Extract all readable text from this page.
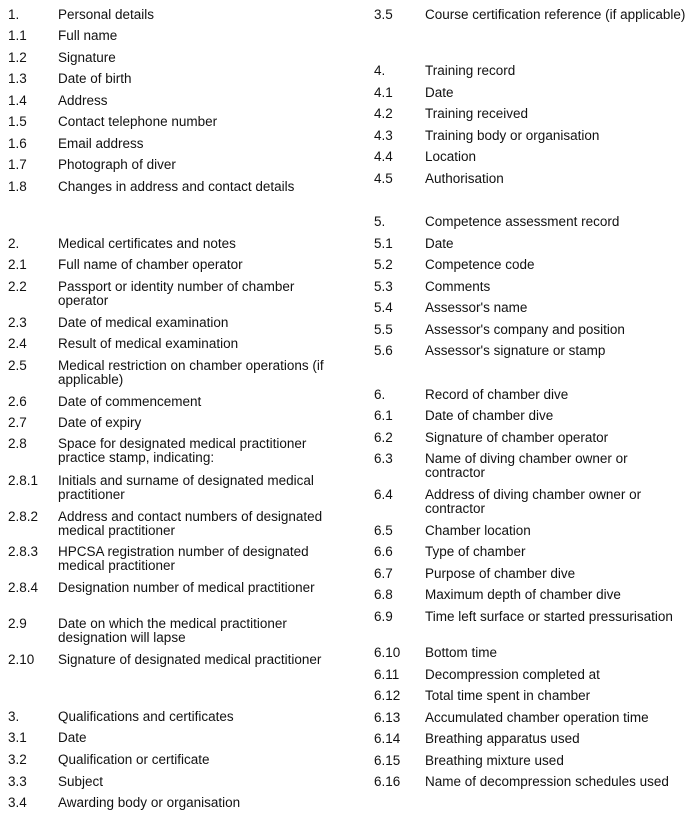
1.	Personal details
1.1 Full name
1.2 Signature
1.3 Date of birth
1.4 Address
1.5 Contact telephone number
1.6 Email address
1.7 Photograph of diver
1.8 Changes in address and contact details
2.	Medical certificates and notes
2.1 Full name of chamber operator
2.2 Passport or identity number of chamber operator
2.3 Date of medical examination
2.4 Result of medical examination
2.5 Medical restriction on chamber operations (if applicable)
2.6 Date of commencement
2.7 Date of expiry
2.8 Space for designated medical practitioner practice stamp, indicating:
2.8.1 Initials and surname of designated medical practitioner
2.8.2 Address and contact numbers of designated medical practitioner
2.8.3 HPCSA registration number of designated medical practitioner
2.8.4 Designation number of medical practitioner
2.9 Date on which the medical practitioner designation will lapse
2.10 Signature of designated medical practitioner
3.	Qualifications and certificates
3.1 Date
3.2 Qualification or certificate
3.3 Subject
3.4 Awarding body or organisation
3.5 Course certification reference (if applicable)
4.	Training record
4.1 Date
4.2 Training received
4.3 Training body or organisation
4.4 Location
4.5 Authorisation
5.	Competence assessment record
5.1 Date
5.2 Competence code
5.3 Comments
5.4 Assessor's name
5.5 Assessor's company and position
5.6 Assessor's signature or stamp
6.	Record of chamber dive
6.1 Date of chamber dive
6.2 Signature of chamber operator
6.3 Name of diving chamber owner or contractor
6.4 Address of diving chamber owner or contractor
6.5 Chamber location
6.6 Type of chamber
6.7 Purpose of chamber dive
6.8 Maximum depth of chamber dive
6.9 Time left surface or started pressurisation
6.10 Bottom time
6.11 Decompression completed at
6.12 Total time spent in chamber
6.13 Accumulated chamber operation time
6.14 Breathing apparatus used
6.15 Breathing mixture used
6.16 Name of decompression schedules used
